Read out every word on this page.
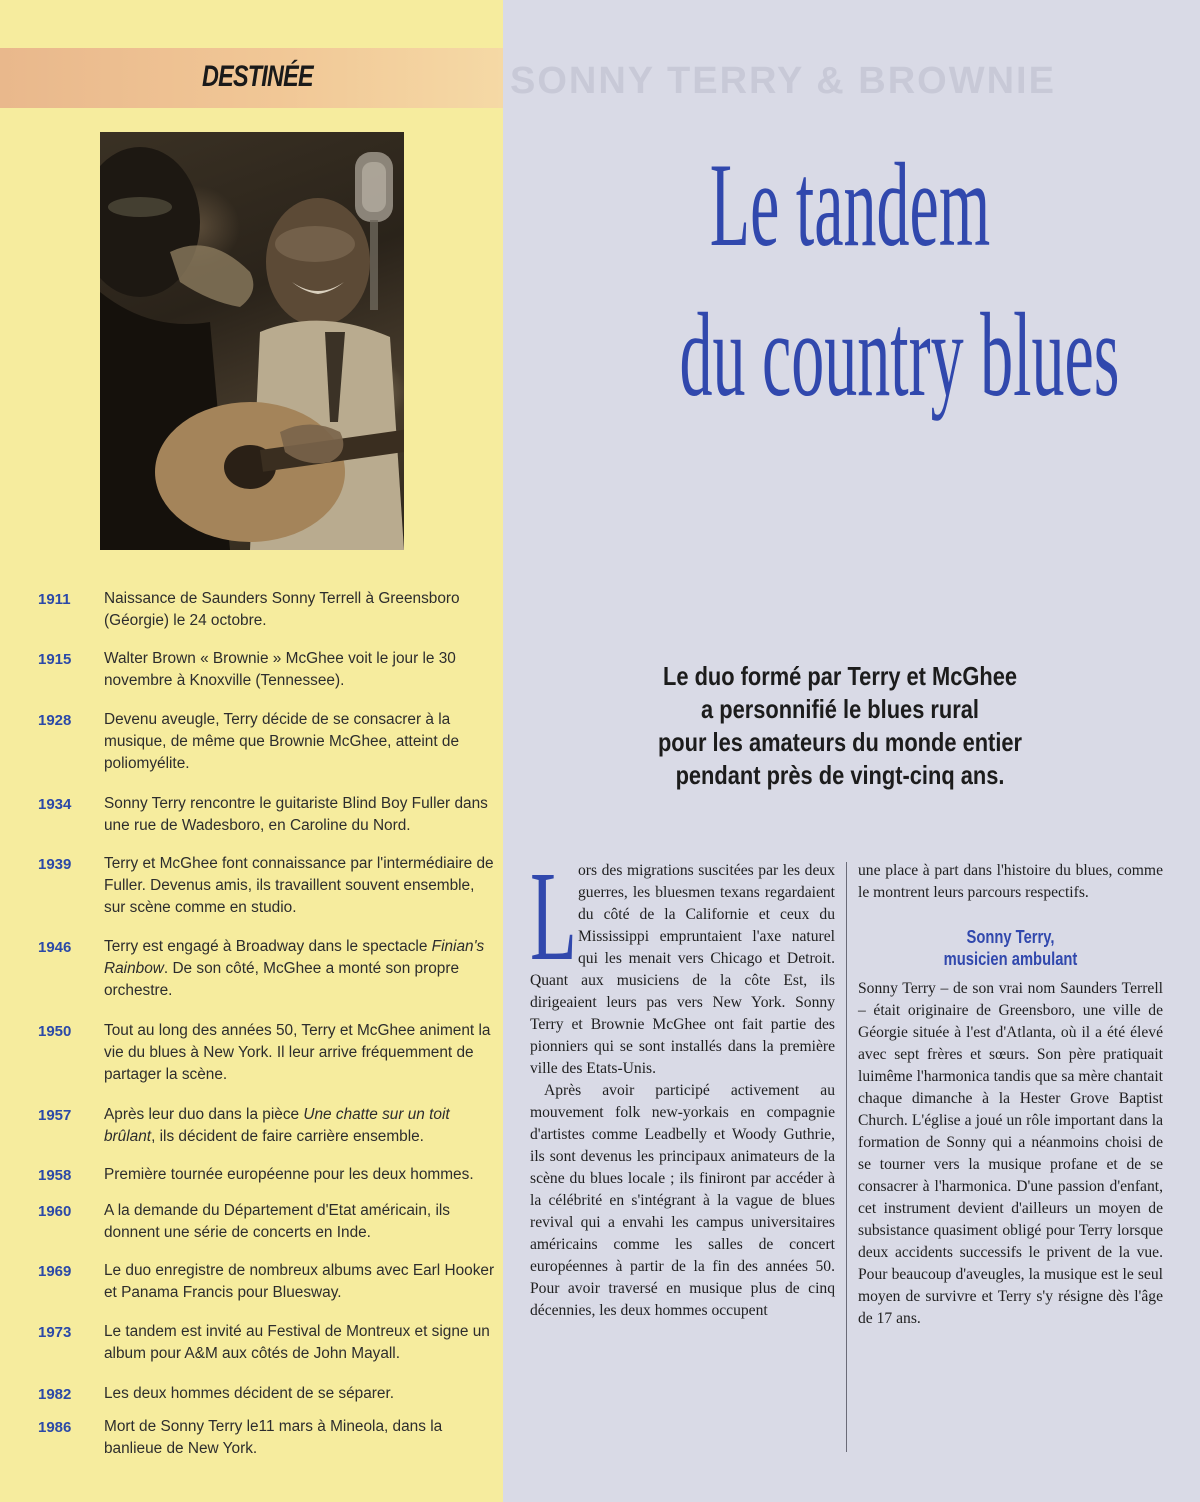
DESTINÉE
1911 Naissance de Saunders Sonny Terrell à Greensboro (Géorgie) le 24 octobre.
1915 Walter Brown « Brownie » McGhee voit le jour le 30 novembre à Knoxville (Tennessee).
1928 Devenu aveugle, Terry décide de se consacrer à la musique, de même que Brownie McGhee, atteint de poliomyélite.
1934 Sonny Terry rencontre le guitariste Blind Boy Fuller dans une rue de Wadesboro, en Caroline du Nord.
1939 Terry et McGhee font connaissance par l'intermédiaire de Fuller. Devenus amis, ils travaillent souvent ensemble, sur scène comme en studio.
1946 Terry est engagé à Broadway dans le spectacle Finian's Rainbow. De son côté, McGhee a monté son propre orchestre.
1950 Tout au long des années 50, Terry et McGhee animent la vie du blues à New York. Il leur arrive fréquemment de partager la scène.
1957 Après leur duo dans la pièce Une chatte sur un toit brûlant, ils décident de faire carrière ensemble.
1958 Première tournée européenne pour les deux hommes.
1960 A la demande du Département d'Etat américain, ils donnent une série de concerts en Inde.
1969 Le duo enregistre de nombreux albums avec Earl Hooker et Panama Francis pour Bluesway.
1973 Le tandem est invité au Festival de Montreux et signe un album pour A&M aux côtés de John Mayall.
1982 Les deux hommes décident de se séparer.
1986 Mort de Sonny Terry le11 mars à Mineola, dans la banlieue de New York.
SONNY TERRY & BROWNIE
Le tandem
du country blues
Le duo formé par Terry et McGhee
a personnifié le blues rural
pour les amateurs du monde entier
pendant près de vingt-cinq ans.
L ors des migrations suscitées par les deux guerres, les bluesmen texans regardaient du côté de la Californie et ceux du Mississippi empruntaient l'axe naturel qui les menait vers Chicago et Detroit. Quant aux musiciens de la côte Est, ils dirigeaient leurs pas vers New York. Sonny Terry et Brownie McGhee ont fait partie des pionniers qui se sont installés dans la première ville des Etats-Unis.

Après avoir participé activement au mouvement folk new-yorkais en compagnie d'artistes comme Leadbelly et Woody Guthrie, ils sont devenus les principaux animateurs de la scène du blues locale ; ils finiront par accéder à la célébrité en s'intégrant à la vague de blues revival qui a envahi les campus universitaires américains comme les salles de concert européennes à partir de la fin des années 50. Pour avoir traversé en musique plus de cinq décennies, les deux hommes occupent

une place à part dans l'histoire du blues, comme le montrent leurs parcours respectifs.

Sonny Terry,
musicien ambulant

Sonny Terry – de son vrai nom Saunders Terrell – était originaire de Greensboro, une ville de Géorgie située à l'est d'Atlanta, où il a été élevé avec sept frères et sœurs. Son père pratiquait luimême l'harmonica tandis que sa mère chantait chaque dimanche à la Hester Grove Baptist Church. L'église a joué un rôle important dans la formation de Sonny qui a néanmoins choisi de se tourner vers la musique profane et de se consacrer à l'harmonica. D'une passion d'enfant, cet instrument devient d'ailleurs un moyen de subsistance quasiment obligé pour Terry lorsque deux accidents successifs le privent de la vue. Pour beaucoup d'aveugles, la musique est le seul moyen de survivre et Terry s'y résigne dès l'âge de 17 ans.
